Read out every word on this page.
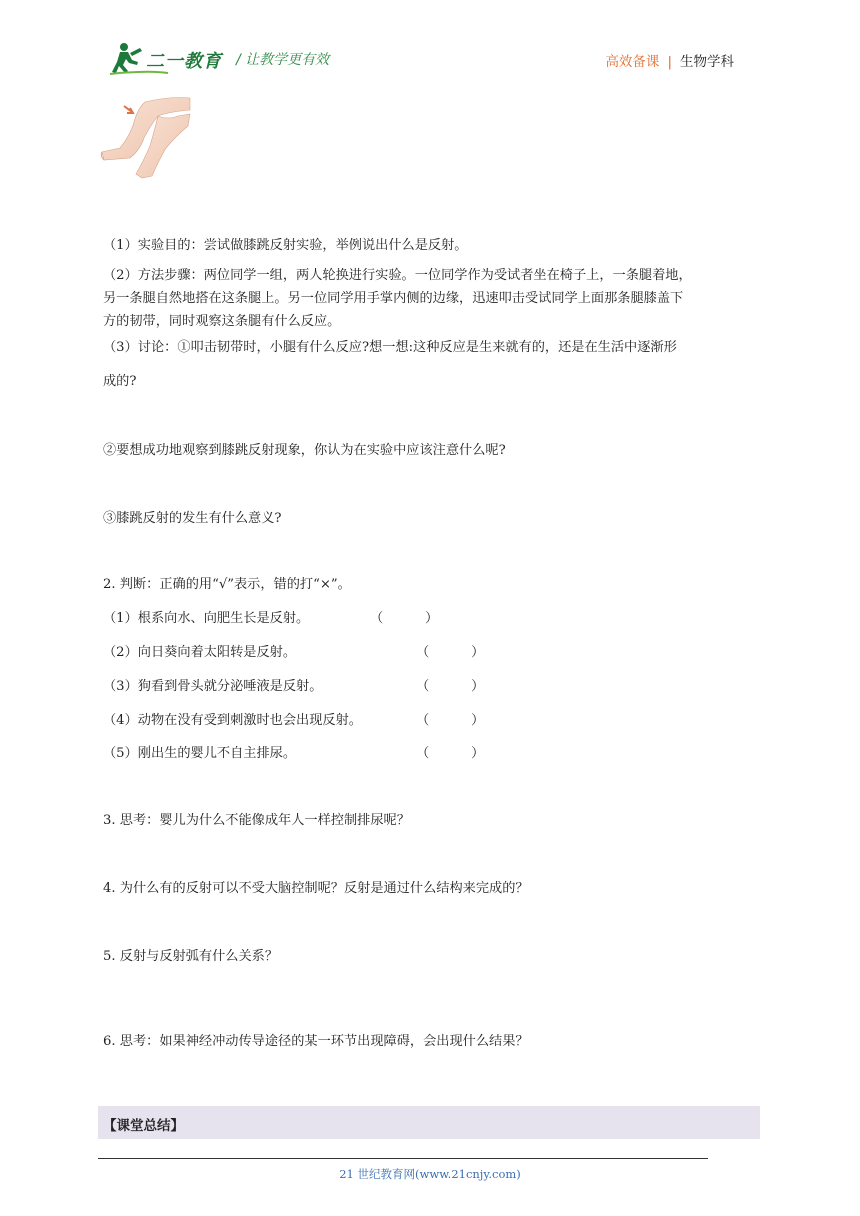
二一教育 / 让教学更有效	高效备课 | 生物学科
（1）实验目的：尝试做膝跳反射实验，举例说出什么是反射。
（2）方法步骤：两位同学一组，两人轮换进行实验。一位同学作为受试者坐在椅子上，一条腿着地，
另一条腿自然地搭在这条腿上。另一位同学用手掌内侧的边缘，迅速叩击受试同学上面那条腿膝盖下
方的韧带，同时观察这条腿有什么反应。
（3）讨论：①叩击韧带时，小腿有什么反应?想一想:这种反应是生来就有的，还是在生活中逐渐形
成的?
②要想成功地观察到膝跳反射现象，你认为在实验中应该注意什么呢?
③膝跳反射的发生有什么意义?
2. 判断：正确的用“√”表示，错的打“×”。
（1）根系向水、向肥生长是反射。	（          ）
（2）向日葵向着太阳转是反射。	（          ）
（3）狗看到骨头就分泌唾液是反射。	（          ）
（4）动物在没有受到刺激时也会出现反射。	（          ）
（5）刚出生的婴儿不自主排尿。	（          ）
3. 思考：婴儿为什么不能像成年人一样控制排尿呢？
4. 为什么有的反射可以不受大脑控制呢？反射是通过什么结构来完成的？
5. 反射与反射弧有什么关系？
6. 思考：如果神经冲动传导途径的某一环节出现障碍，会出现什么结果？
【课堂总结】
21 世纪教育网(www.21cnjy.com)
